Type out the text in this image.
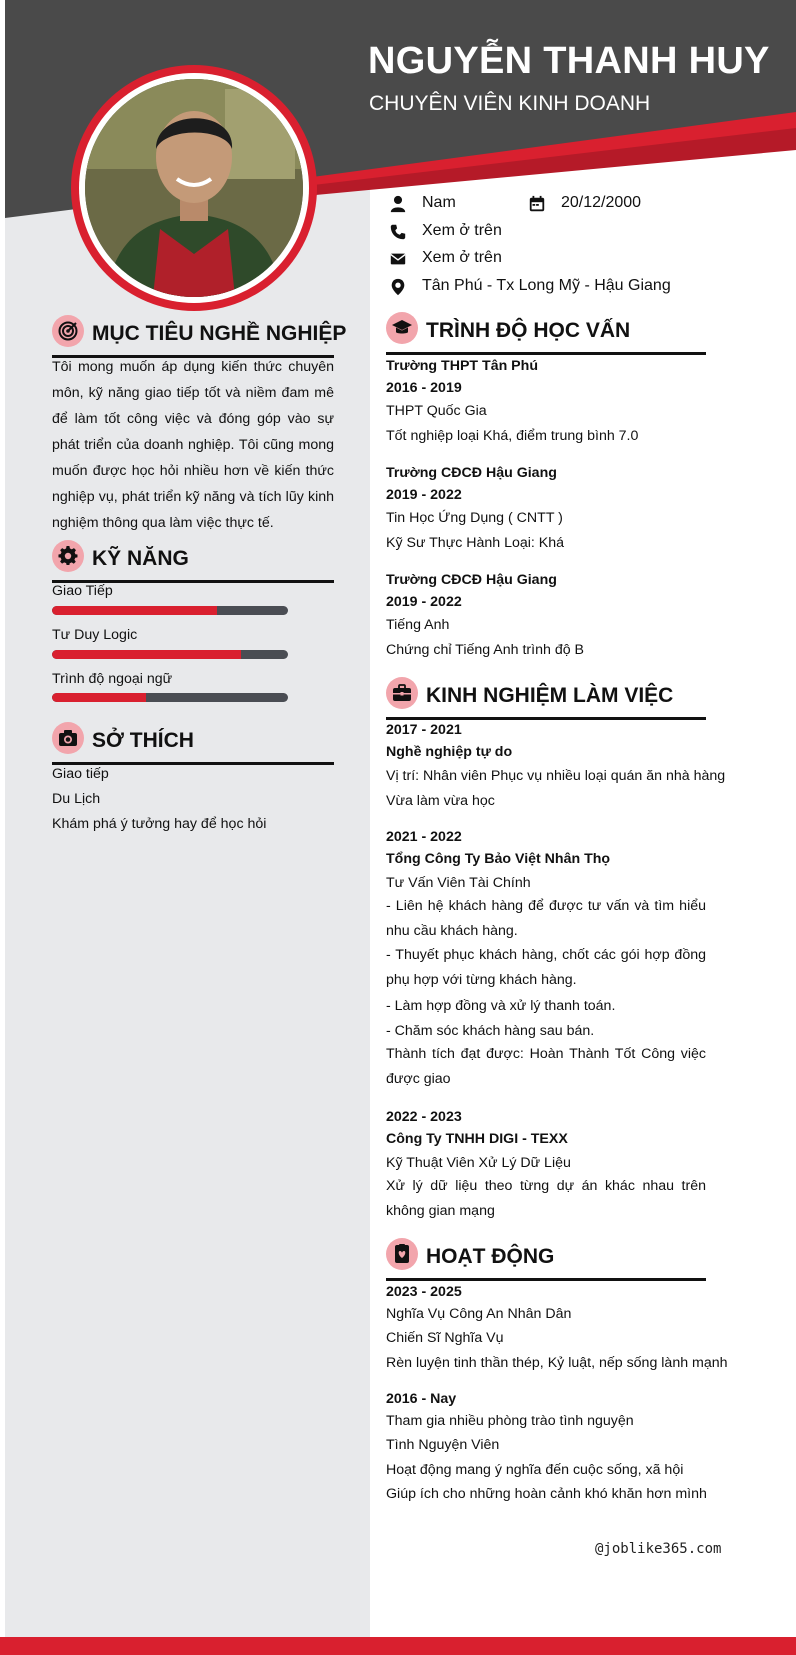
NGUYỄN THANH HUY
CHUYÊN VIÊN KINH DOANH
Nam	20/12/2000
Xem ở trên
Xem ở trên
Tân Phú - Tx Long Mỹ - Hậu Giang
MỤC TIÊU NGHỀ NGHIỆP
Tôi mong muốn áp dụng kiến thức chuyên môn, kỹ năng giao tiếp tốt và niềm đam mê để làm tốt công việc và đóng góp vào sự phát triển của doanh nghiệp. Tôi cũng mong muốn được học hỏi nhiều hơn về kiến thức nghiệp vụ, phát triển kỹ năng và tích lũy kinh nghiệm thông qua làm việc thực tế.
KỸ NĂNG
Giao Tiếp
Tư Duy Logic
Trình độ ngoại ngữ
SỞ THÍCH
Giao tiếp
Du Lịch
Khám phá ý tưởng hay để học hỏi
TRÌNH ĐỘ HỌC VẤN
Trường THPT Tân Phú
2016 - 2019
THPT Quốc Gia
Tốt nghiệp loại Khá, điểm trung bình 7.0
Trường CĐCĐ Hậu Giang
2019 - 2022
Tin Học Ứng Dụng ( CNTT )
Kỹ Sư Thực Hành Loại: Khá
Trường CĐCĐ Hậu Giang
2019 - 2022
Tiếng Anh
Chứng chỉ Tiếng Anh trình độ B
KINH NGHIỆM LÀM VIỆC
2017 - 2021
Nghề nghiệp tự do
Vị trí: Nhân viên Phục vụ nhiều loại quán ăn nhà hàng
Vừa làm vừa học
2021 - 2022
Tổng Công Ty Bảo Việt Nhân Thọ
Tư Vấn Viên Tài Chính
- Liên hệ khách hàng để được tư vấn và tìm hiểu nhu cầu khách hàng.
- Thuyết phục khách hàng, chốt các gói hợp đồng phụ hợp với từng khách hàng.
- Làm hợp đồng và xử lý thanh toán.
- Chăm sóc khách hàng sau bán.
Thành tích đạt được: Hoàn Thành Tốt Công việc được giao
2022 - 2023
Công Ty TNHH DIGI - TEXX
Kỹ Thuật Viên Xử Lý Dữ Liệu
Xử lý dữ liệu theo từng dự án khác nhau trên không gian mạng
HOẠT ĐỘNG
2023 - 2025
Nghĩa Vụ Công An Nhân Dân
Chiến Sĩ Nghĩa Vụ
Rèn luyện tinh thần thép, Kỷ luật, nếp sống lành mạnh
2016 - Nay
Tham gia nhiều phòng trào tình nguyện
Tình Nguyện Viên
Hoạt động mang ý nghĩa đến cuộc sống, xã hội
Giúp ích cho những hoàn cảnh khó khăn hơn mình
@joblike365.com
